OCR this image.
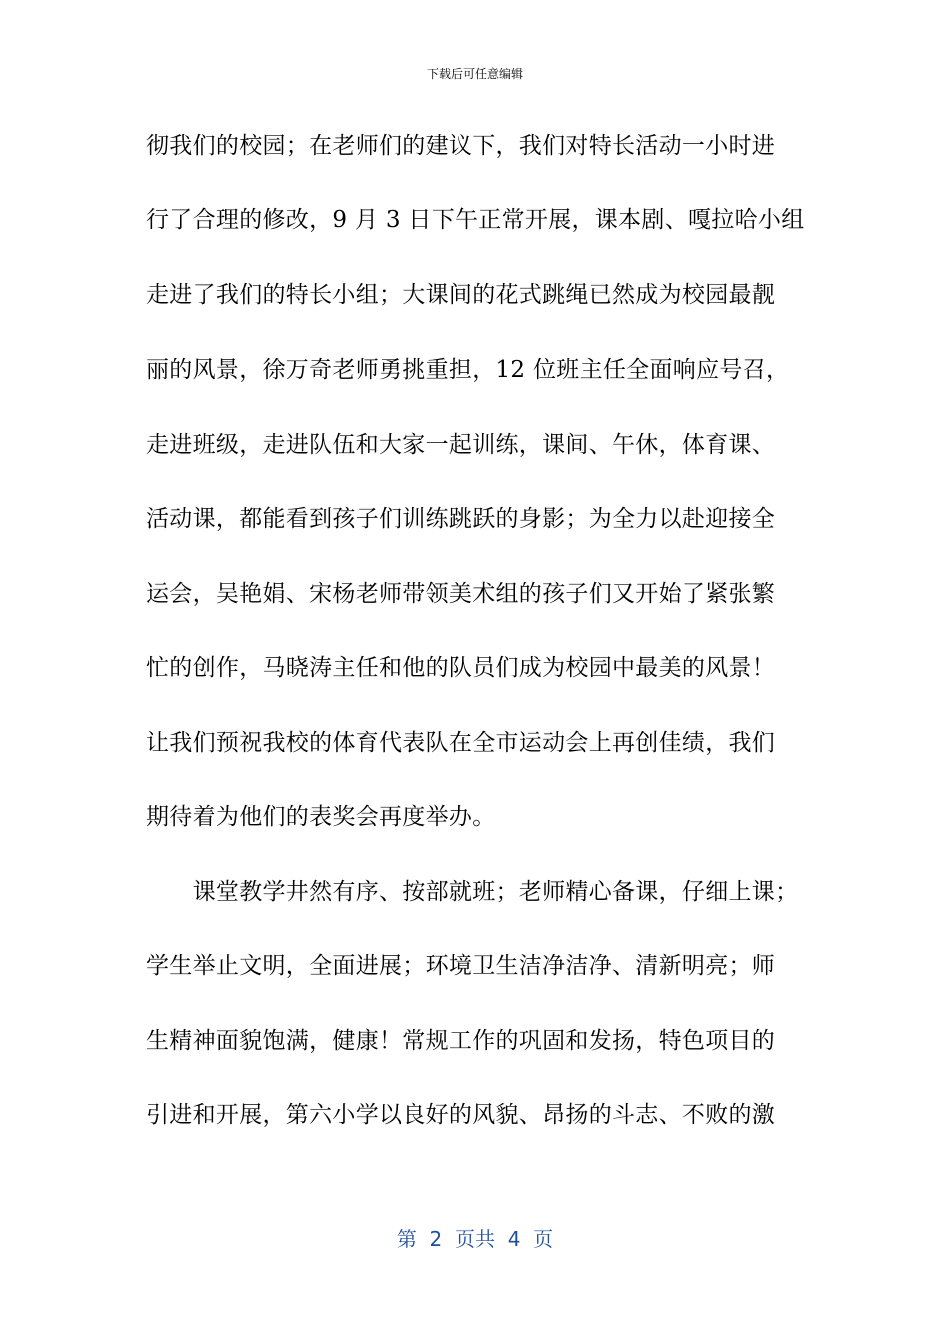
下载后可任意编辑
彻我们的校园；在老师们的建议下，我们对特长活动一小时进
行了合理的修改，9 月 3 日下午正常开展，课本剧、嘎拉哈小组
走进了我们的特长小组；大课间的花式跳绳已然成为校园最靓
丽的风景，徐万奇老师勇挑重担，12 位班主任全面响应号召，
走进班级，走进队伍和大家一起训练，课间、午休，体育课、
活动课，都能看到孩子们训练跳跃的身影；为全力以赴迎接全
运会，吴艳娟、宋杨老师带领美术组的孩子们又开始了紧张繁
忙的创作，马晓涛主任和他的队员们成为校园中最美的风景！
让我们预祝我校的体育代表队在全市运动会上再创佳绩，我们
期待着为他们的表奖会再度举办。
　　课堂教学井然有序、按部就班；老师精心备课，仔细上课；
学生举止文明，全面进展；环境卫生洁净洁净、清新明亮；师
生精神面貌饱满，健康！常规工作的巩固和发扬，特色项目的
引进和开展，第六小学以良好的风貌、昂扬的斗志、不败的激
第  2  页共  4  页
